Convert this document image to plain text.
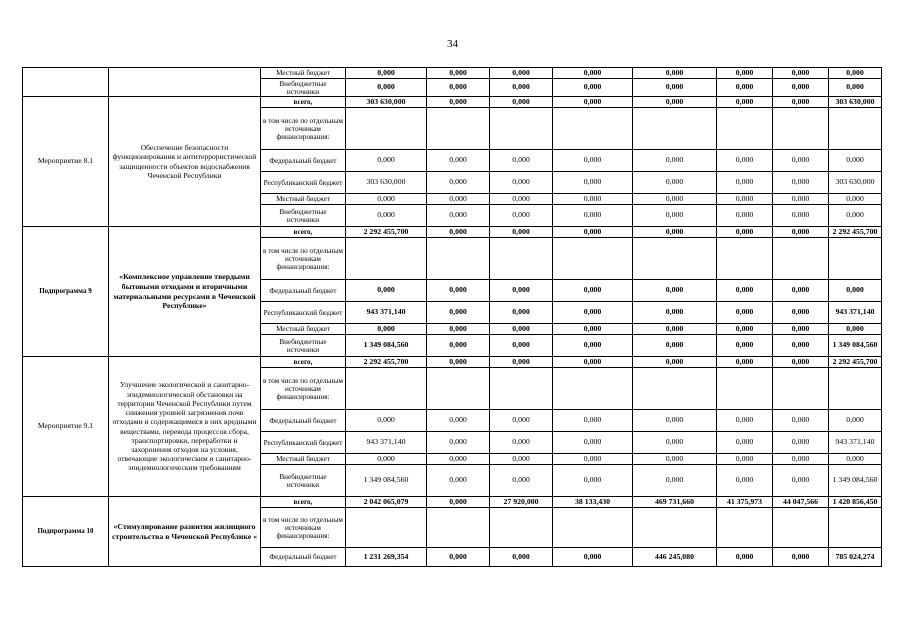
34
		Местный бюджет	0,000	0,000	0,000	0,000	0,000	0,000	0,000	0,000
		Внебюджетные источники	0,000	0,000	0,000	0,000	0,000	0,000	0,000	0,000
Мероприятие 8.1	Обеспечение безопасности функционирования и антитеррористической защищенности объектов водоснабжения Чеченской Республики	всего,	303 630,000	0,000	0,000	0,000	0,000	0,000	0,000	303 630,000
		в том числе по отдельным источникам финансирования:								
		Федеральный бюджет	0,000	0,000	0,000	0,000	0,000	0,000	0,000	0,000
		Республиканский бюджет	303 630,000	0,000	0,000	0,000	0,000	0,000	0,000	303 630,000
		Местный бюджет	0,000	0,000	0,000	0,000	0,000	0,000	0,000	0,000
		Внебюджетные источники	0,000	0,000	0,000	0,000	0,000	0,000	0,000	0,000
Подпрограмма 9	«Комплексное управление твердыми бытовыми отходами и вторичными материальными ресурсами в Чеченской Республике»	всего,	2 292 455,700	0,000	0,000	0,000	0,000	0,000	0,000	2 292 455,700
		в том числе по отдельным источникам финансирования:								
		Федеральный бюджет	0,000	0,000	0,000	0,000	0,000	0,000	0,000	0,000
		Республиканский бюджет	943 371,140	0,000	0,000	0,000	0,000	0,000	0,000	943 371,140
		Местный бюджет	0,000	0,000	0,000	0,000	0,000	0,000	0,000	0,000
		Внебюджетные источники	1 349 084,560	0,000	0,000	0,000	0,000	0,000	0,000	1 349 084,560
Мероприятие 9.1	Улучшение экологической и санитарно-эпидемиологической обстановки на территории Чеченской Республики путем снижения уровней загрязнения почв отходами и содержащимися в них вредными веществами, перевода процессов сбора, транспортировки, переработки и захоронения отходов на условия, отвечающие экологическим и санитарно-эпидемиологическим требованиям	всего,	2 292 455,700	0,000	0,000	0,000	0,000	0,000	0,000	2 292 455,700
		в том числе по отдельным источникам финансирования:								
		Федеральный бюджет	0,000	0,000	0,000	0,000	0,000	0,000	0,000	0,000
		Республиканский бюджет	943 371,140	0,000	0,000	0,000	0,000	0,000	0,000	943 371,140
		Местный бюджет	0,000	0,000	0,000	0,000	0,000	0,000	0,000	0,000
		Внебюджетные источники	1 349 084,560	0,000	0,000	0,000	0,000	0,000	0,000	1 349 084,560
Подпрограмма 10	«Стимулирование развития жилищного строительства в Чеченской Республике «	всего,	2 042 065,079	0,000	27 920,000	38 133,430	469 731,660	41 375,973	44 047,566	1 420 856,450
		в том числе по отдельным источникам финансирования:								
		Федеральный бюджет	1 231 269,354	0,000	0,000	0,000	446 245,080	0,000	0,000	785 024,274
